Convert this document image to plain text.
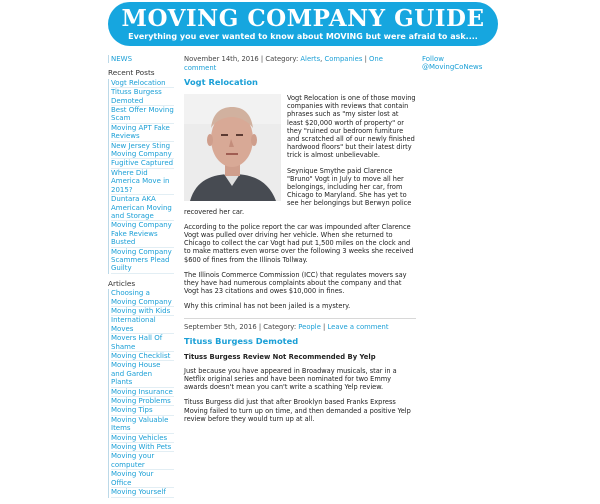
MOVING COMPANY GUIDE
Everything you ever wanted to know about MOVING but were afraid to ask....
NEWS
Recent Posts
Vogt Relocation
Tituss Burgess Demoted
Best Offer Moving Scam
Moving APT Fake Reviews
New Jersey Sting Moving Company
Fugitive Captured
Where Did America Move in 2015?
Duntara AKA American Moving and Storage
Moving Company Fake Reviews Busted
Moving Company Scammers Plead Guilty
Articles
Choosing a Moving Company
Moving with Kids
International Moves
Movers Hall Of Shame
Moving Checklist
Moving House and Garden Plants
Moving Insurance
Moving Problems
Moving Tips
Moving Valuable Items
Moving Vehicles
Moving With Pets
Moving your computer
Moving Your Office
Moving Yourself
November 14th, 2016 | Category: Alerts, Companies | One comment
Vogt Relocation

Vogt Relocation is one of those moving companies with reviews that contain phrases such as "my sister lost at least $20,000 worth of property" or they "ruined our bedroom furniture and scratched all of our newly finished hardwood floors" but their latest dirty trick is almost unbelievable.

Seynique Smythe paid Clarence "Bruno" Vogt in July to move all her belongings, including her car, from Chicago to Maryland. She has yet to see her belongings but Berwyn police recovered her car.

According to the police report the car was impounded after Clarence Vogt was pulled over driving her vehicle. When she returned to Chicago to collect the car Vogt had put 1,500 miles on the clock and to make matters even worse over the following 3 weeks she received $600 of fines from the Illinois Tollway.

The Illinois Commerce Commission (ICC) that regulates movers say they have had numerous complaints about the company and that Vogt has 23 citations and owes $10,000 in fines.

Why this criminal has not been jailed is a mystery.

September 5th, 2016 | Category: People | Leave a comment
Tituss Burgess Demoted
Tituss Burgess Review Not Recommended By Yelp

Just because you have appeared in Broadway musicals, star in a Netflix original series and have been nominated for two Emmy awards doesn't mean you can't write a scathing Yelp review.

Tituss Burgess did just that after Brooklyn based Franks Express Moving failed to turn up on time, and then demanded a positive Yelp review before they would turn up at all.

Follow @MovingCoNews
